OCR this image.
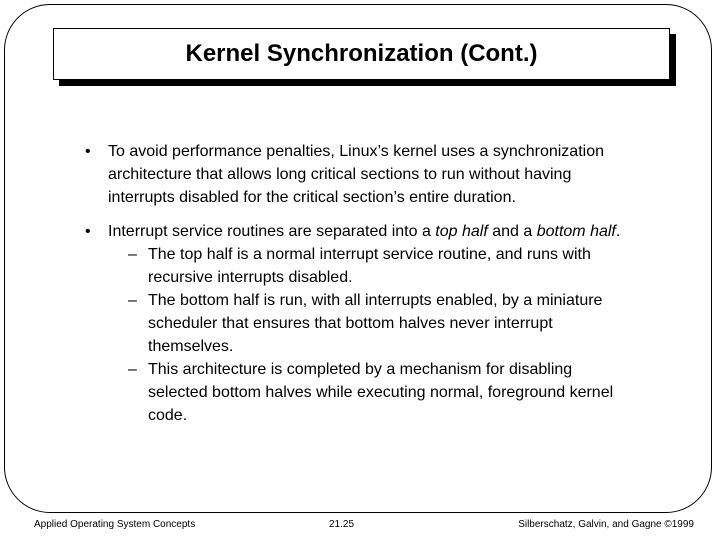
Kernel Synchronization (Cont.)
• To avoid performance penalties, Linux’s kernel uses a synchronization architecture that allows long critical sections to run without having interrupts disabled for the critical section’s entire duration.
• Interrupt service routines are separated into a top half and a bottom half.
– The top half is a normal interrupt service routine, and runs with recursive interrupts disabled.
– The bottom half is run, with all interrupts enabled, by a miniature scheduler that ensures that bottom halves never interrupt themselves.
– This architecture is completed by a mechanism for disabling selected bottom halves while executing normal, foreground kernel code.
Applied Operating System Concepts	21.25	Silberschatz, Galvin, and Gagne ©1999
